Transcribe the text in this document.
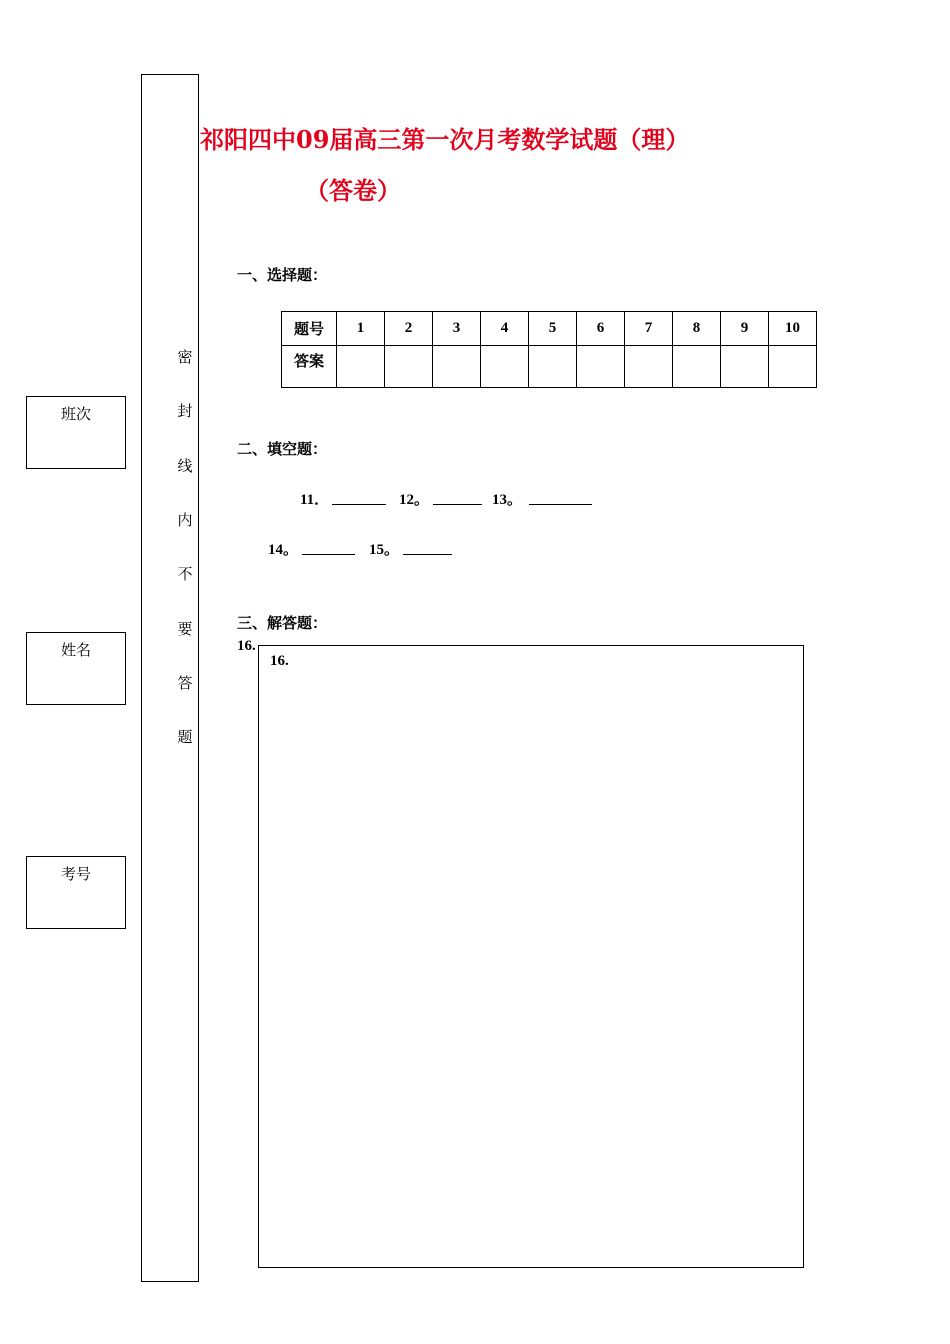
班次
姓名
考号
密
封
线
内
不
要
答
题
祁阳四中09届高三第一次月考数学试题（理）
（答卷）
一、选择题：
题号	1	2	3	4	5	6	7	8	9	10
答案										
二、填空题：
11．	12。	13。
14。	15。
三、解答题：
16.
16.
